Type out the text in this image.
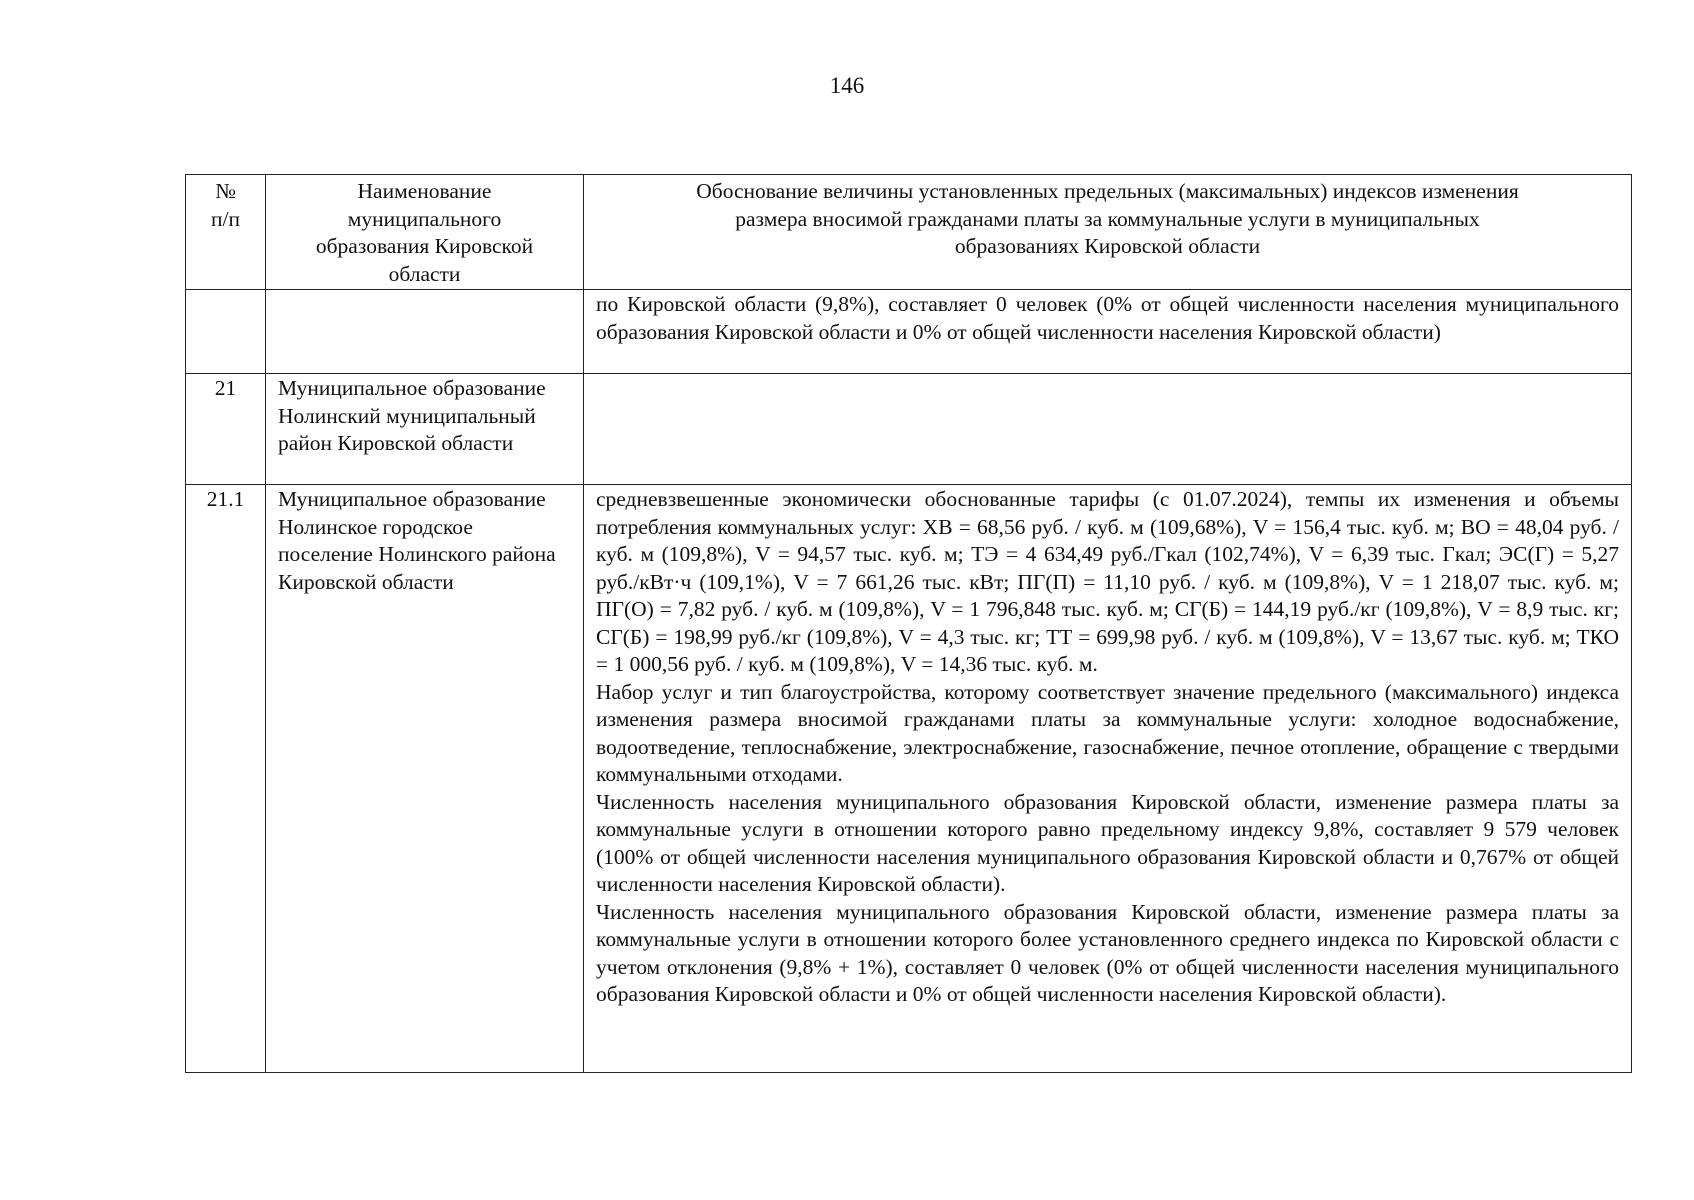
146
№ п/п	Наименование муниципального образования Кировской области	Обоснование величины установленных предельных (максимальных) индексов изменения размера вносимой гражданами платы за коммунальные услуги в муниципальных образованиях Кировской области

		по Кировской области (9,8%), составляет 0 человек (0% от общей численности населения муниципального образования Кировской области и 0% от общей численности населения Кировской области)

21	Муниципальное образование Нолинский муниципальный район Кировской области	

21.1	Муниципальное образование Нолинское городское поселение Нолинского района Кировской области	средневзвешенные экономически обоснованные тарифы (с 01.07.2024), темпы их изменения и объемы потребления коммунальных услуг: ХВ = 68,56 руб. / куб. м (109,68%), V = 156,4 тыс. куб. м; ВО = 48,04 руб. / куб. м (109,8%), V = 94,57 тыс. куб. м; ТЭ = 4 634,49 руб./Гкал (102,74%), V = 6,39 тыс. Гкал; ЭС(Г) = 5,27 руб./кВт·ч (109,1%), V = 7 661,26 тыс. кВт; ПГ(П) = 11,10 руб. / куб. м (109,8%), V = 1 218,07 тыс. куб. м; ПГ(О) = 7,82 руб. / куб. м (109,8%), V = 1 796,848 тыс. куб. м; СГ(Б) = 144,19 руб./кг (109,8%), V = 8,9 тыс. кг; СГ(Б) = 198,99 руб./кг (109,8%), V = 4,3 тыс. кг; ТТ = 699,98 руб. / куб. м (109,8%), V = 13,67 тыс. куб. м; ТКО = 1 000,56 руб. / куб. м (109,8%), V = 14,36 тыс. куб. м.

Набор услуг и тип благоустройства, которому соответствует значение предельного (максимального) индекса изменения размера вносимой гражданами платы за коммунальные услуги: холодное водоснабжение, водоотведение, теплоснабжение, электроснабжение, газоснабжение, печное отопление, обращение с твердыми коммунальными отходами.

Численность населения муниципального образования Кировской области, изменение размера платы за коммунальные услуги в отношении которого равно предельному индексу 9,8%, составляет 9 579 человек (100% от общей численности населения муниципального образования Кировской области и 0,767% от общей численности населения Кировской области).

Численность населения муниципального образования Кировской области, изменение размера платы за коммунальные услуги в отношении которого более установленного среднего индекса по Кировской области с учетом отклонения (9,8% + 1%), составляет 0 человек (0% от общей численности населения муниципального образования Кировской области и 0% от общей численности населения Кировской области).
